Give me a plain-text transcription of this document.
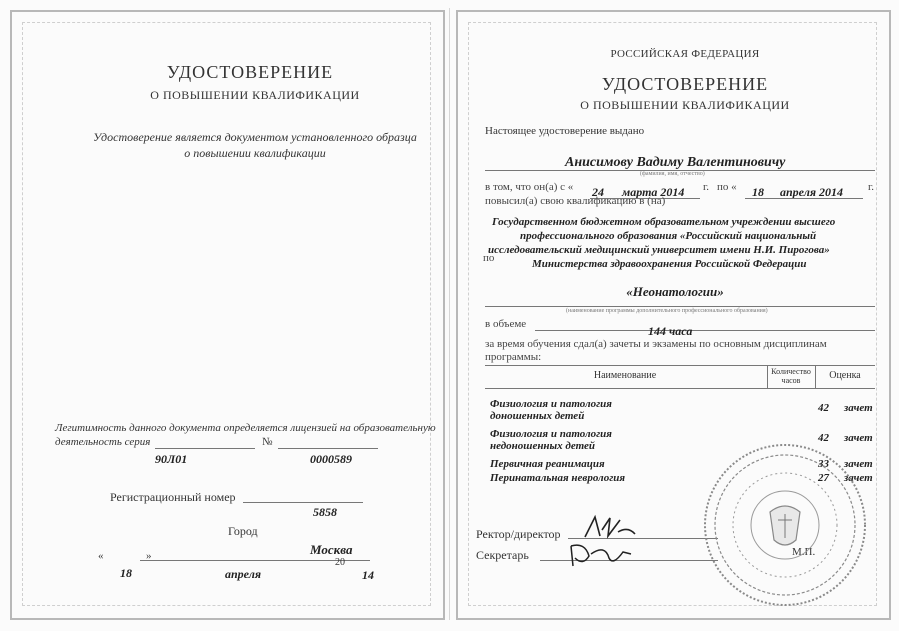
УДОСТОВЕРЕНИЕ
О ПОВЫШЕНИИ КВАЛИФИКАЦИИ
Удостоверение является документом установленного образца
о повышении квалификации
Легитимность данного документа определяется лицензией на образовательную
деятельность серия	№
90Л01	0000589
Регистрационный номер
5858
Город
Москва
«	»
20
18	апреля	14
РОССИЙСКАЯ ФЕДЕРАЦИЯ
УДОСТОВЕРЕНИЕ
О ПОВЫШЕНИИ КВАЛИФИКАЦИИ
Настоящее удостоверение выдано
Анисимову Вадиму Валентиновичу
(фамилия, имя, отчество)
в том, что он(а) с « 24 марта 2014 г. по « 18 апреля 2014 г.
повысил(а) свою квалификацию в (на)
Государственном бюджетном образовательном учреждении высшего
профессионального образования «Российский национальный
исследовательский медицинский университет имени Н.И. Пирогова»
по	Министерства здравоохранения Российской Федерации
«Неонатологии»
(наименование программы дополнительного профессионального образования)
в объеме	144 часа
за время обучения сдал(а) зачеты и экзамены по основным дисциплинам
программы:
Наименование	Количество часов	Оценка
Физиология и патология
доношенных детей
42 зачет
Физиология и патология
недоношенных детей
42 зачет
Первичная реанимация	33 зачет
Перинатальная неврология	27 зачет
Ректор/директор
Секретарь	М.П.
